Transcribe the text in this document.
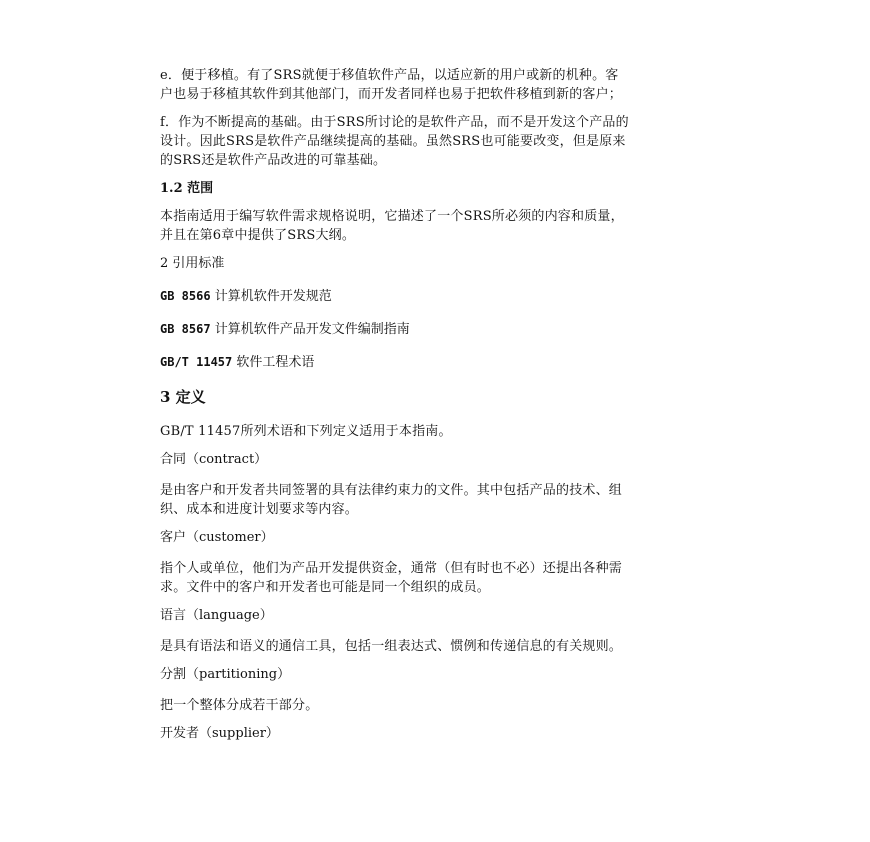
e．便于移植。有了SRS就便于移值软件产品，以适应新的用户或新的机种。客
户也易于移植其软件到其他部门，而开发者同样也易于把软件移植到新的客户；

f．作为不断提高的基础。由于SRS所讨论的是软件产品，而不是开发这个产品的
设计。因此SRS是软件产品继续提高的基础。虽然SRS也可能要改变，但是原来
的SRS还是软件产品改进的可靠基础。

1.2 范围

本指南适用于编写软件需求规格说明，它描述了一个SRS所必须的内容和质量，
并且在第6章中提供了SRS大纲。

2 引用标准
GB 8566 计算机软件开发规范
GB 8567 计算机软件产品开发文件编制指南
GB/T 11457 软件工程术语
3 定义

GB/T 11457所列术语和下列定义适用于本指南。

合同（contract）

是由客户和开发者共同签署的具有法律约束力的文件。其中包括产品的技术、组
织、成本和进度计划要求等内容。

客户（customer）

指个人或单位，他们为产品开发提供资金，通常（但有时也不必）还提出各种需
求。文件中的客户和开发者也可能是同一个组织的成员。

语言（language）

是具有语法和语义的通信工具，包括一组表达式、惯例和传递信息的有关规则。

分割（partitioning）

把一个整体分成若干部分。

开发者（supplier）
